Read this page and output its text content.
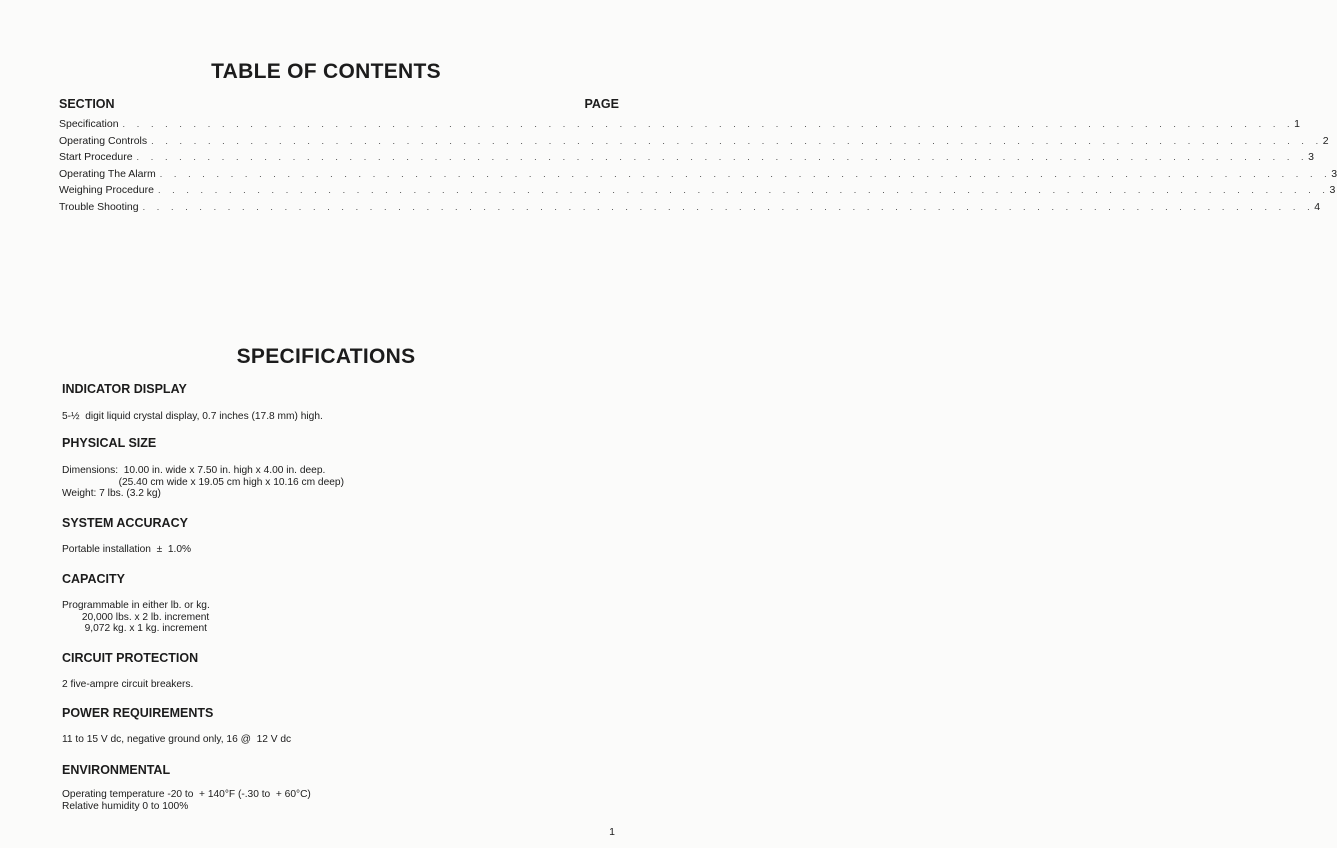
TABLE OF CONTENTS
SECTION	PAGE
Specification . . . . . . . . . . . . . . . . . . . . . . . . . . . . . . . . . . . . . . . . . . . . . . . . . . . . . . . . . . . . . . . . . . . . . . . . . . . . . . . . . . . 1
Operating Controls . . . . . . . . . . . . . . . . . . . . . . . . . . . . . . . . . . . . . . . . . . . . . . . . . . . . . . . . . . . . . . . . . . . . . . . . . . . . . . . . . . . 2
Start Procedure . . . . . . . . . . . . . . . . . . . . . . . . . . . . . . . . . . . . . . . . . . . . . . . . . . . . . . . . . . . . . . . . . . . . . . . . . . . . . . . . . . . 3
Operating The Alarm . . . . . . . . . . . . . . . . . . . . . . . . . . . . . . . . . . . . . . . . . . . . . . . . . . . . . . . . . . . . . . . . . . . . . . . . . . . . . . . . . . . 3
Weighing Procedure . . . . . . . . . . . . . . . . . . . . . . . . . . . . . . . . . . . . . . . . . . . . . . . . . . . . . . . . . . . . . . . . . . . . . . . . . . . . . . . . . . . 3
Trouble Shooting . . . . . . . . . . . . . . . . . . . . . . . . . . . . . . . . . . . . . . . . . . . . . . . . . . . . . . . . . . . . . . . . . . . . . . . . . . . . . . . . . . . 4
SPECIFICATIONS
INDICATOR DISPLAY

5-½  digit liquid crystal display, 0.7 inches (17.8 mm) high.

PHYSICAL SIZE

Dimensions:  10.00 in. wide x 7.50 in. high x 4.00 in. deep.

(25.40 cm wide x 19.05 cm high x 10.16 cm deep)

Weight: 7 lbs. (3.2 kg)

SYSTEM ACCURACY

Portable installation  ±  1.0%

CAPACITY

Programmable in either lb. or kg.

20,000 lbs. x 2 lb. increment

9,072 kg. x 1 kg. increment

CIRCUIT PROTECTION

2 five-ampre circuit breakers.

POWER REQUIREMENTS

11 to 15 V dc, negative ground only, 16 @  12 V dc

ENVIRONMENTAL

Operating temperature -20 to  + 140°F (-.30 to  + 60°C)

Relative humidity 0 to 100%

1
